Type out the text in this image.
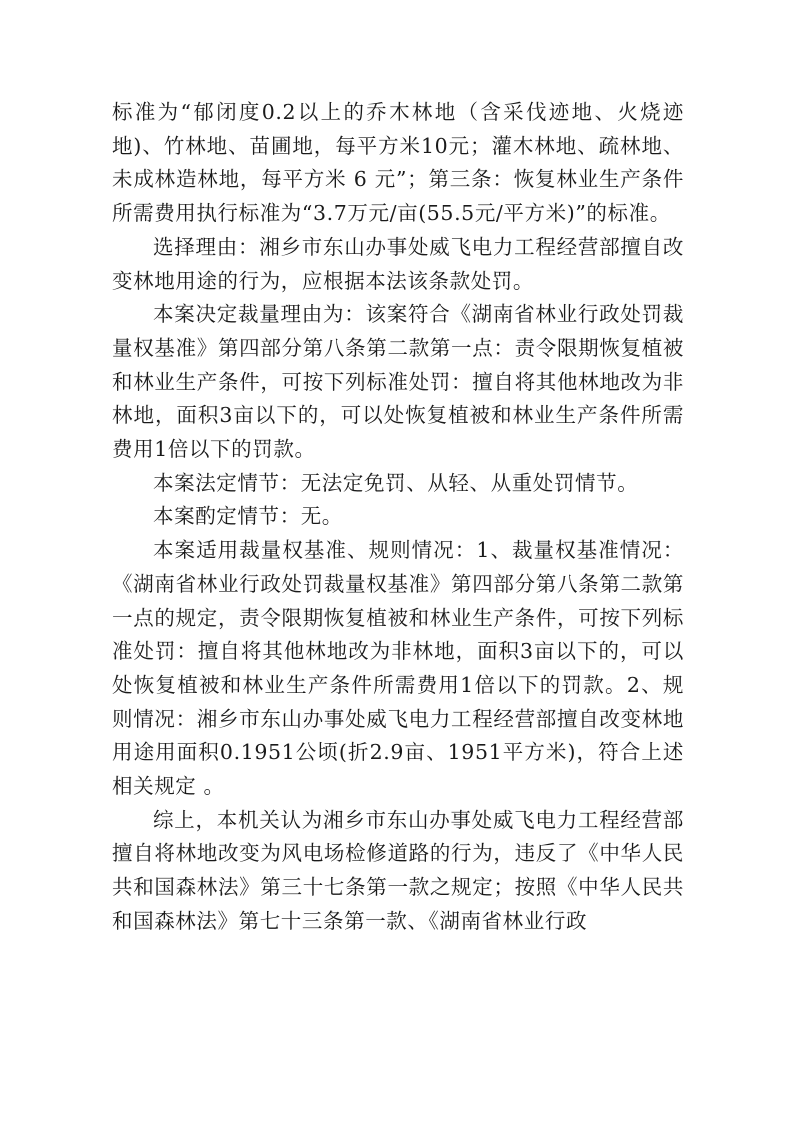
标准为“郁闭度0.2以上的乔木林地（含采伐迹地、火烧迹地)、竹林地、苗圃地，每平方米10元；灌木林地、疏林地、未成林造林地，每平方米 6 元”；第三条：恢复林业生产条件所需费用执行标准为“3.7万元/亩(55.5元/平方米)”的标准。

选择理由：湘乡市东山办事处威飞电力工程经营部擅自改变林地用途的行为，应根据本法该条款处罚。

本案决定裁量理由为：该案符合《湖南省林业行政处罚裁量权基准》第四部分第八条第二款第一点：责令限期恢复植被和林业生产条件，可按下列标准处罚：擅自将其他林地改为非林地，面积3亩以下的，可以处恢复植被和林业生产条件所需费用1倍以下的罚款。

本案法定情节：无法定免罚、从轻、从重处罚情节。

本案酌定情节：无。

本案适用裁量权基准、规则情况：1、裁量权基准情况：《湖南省林业行政处罚裁量权基准》第四部分第八条第二款第一点的规定，责令限期恢复植被和林业生产条件，可按下列标准处罚：擅自将其他林地改为非林地，面积3亩以下的，可以处恢复植被和林业生产条件所需费用1倍以下的罚款。2、规则情况：湘乡市东山办事处威飞电力工程经营部擅自改变林地用途用面积0.1951公顷(折2.9亩、1951平方米)，符合上述相关规定 。

综上，本机关认为湘乡市东山办事处威飞电力工程经营部擅自将林地改变为风电场检修道路的行为，违反了《中华人民共和国森林法》第三十七条第一款之规定；按照《中华人民共和国森林法》第七十三条第一款、《湖南省林业行政
